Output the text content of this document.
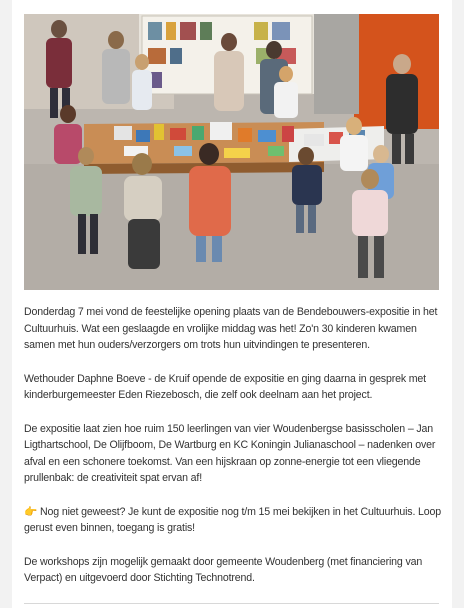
Donderdag 7 mei vond de feestelijke opening plaats van de Bendebouwers-expositie in het Cultuurhuis. Wat een geslaagde en vrolijke middag was het! Zo'n 30 kinderen kwamen samen met hun ouders/verzorgers om trots hun uitvindingen te presenteren.

Wethouder Daphne Boeve - de Kruif opende de expositie en ging daarna in gesprek met kinderburgemeester Eden Riezebosch, die zelf ook deelnam aan het project.

De expositie laat zien hoe ruim 150 leerlingen van vier Woudenbergse basisscholen – Jan Ligthartschool, De Olijfboom, De Wartburg en KC Koningin Julianaschool – nadenken over afval en een schonere toekomst. Van een hijskraan op zonne-energie tot een vliegende prullenbak: de creativiteit spat ervan af!

👉 Nog niet geweest? Je kunt de expositie nog t/m 15 mei bekijken in het Cultuurhuis. Loop gerust even binnen, toegang is gratis!

De workshops zijn mogelijk gemaakt door gemeente Woudenberg (met financiering van Verpact) en uitgevoerd door Stichting Technotrend.
